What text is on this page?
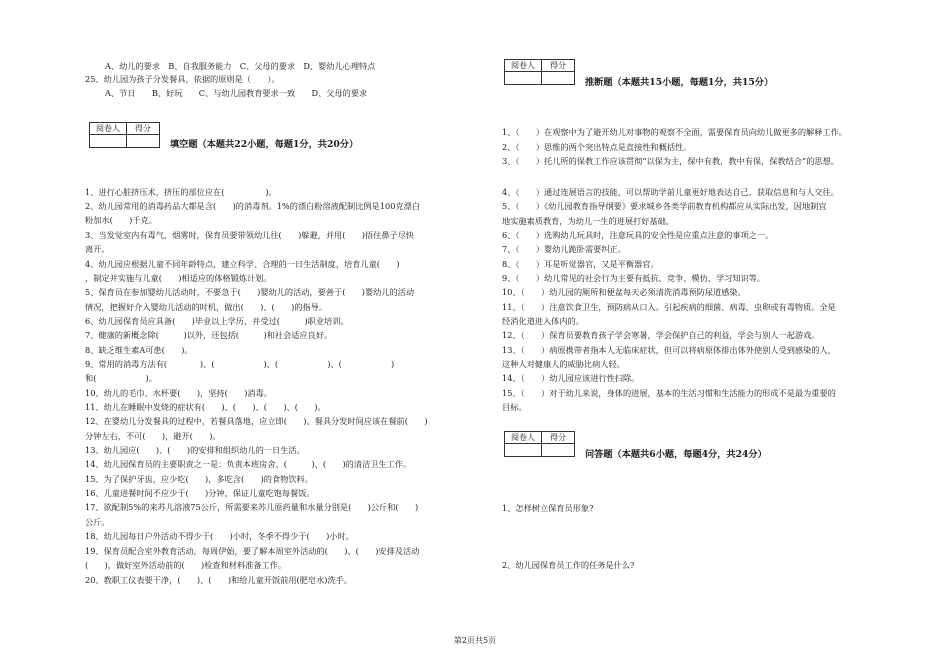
A、幼儿的要求　B、自我服务能力　C、父母的要求　D、婴幼儿心理特点
25、幼儿园为孩子分发餐具，依据的原则是（　　）。
A、节日　　B、好玩　　C、与幼儿园教育要求一致　　D、父母的要求
阅卷人	得分

填空题（本题共22小题，每题1分，共20分）
1、进行心脏挤压术，挤压的部位应在(　　　　　)。
2、幼儿园常用的消毒药品大都是含(　　)的消毒剂。1%的漂白粉溶液配制比例是100克漂白
粉加水(　　)千克。
3、当发觉室内有毒气、烟雾时，保育员要带领幼儿往(　　)躲避，并用(　　)捂住鼻子尽快
离开。
4、幼儿园应根据儿童不同年龄特点，建立科学、合理的一日生活制度，培育儿童(　　)
，制定并实施与儿童(　　)相适应的体格锻炼计划。
5、保育员在参加婴幼儿活动时，不要急于(　　)婴幼儿的活动，要善于(　　)婴幼儿的活动
情况，把握好介入婴幼儿活动的时机，做出(　　)、(　　)的指导。
6、幼儿园保育员应具备(　　)毕业以上学历，并受过(　　　)职业培训。
7、健康的新概念除(　　　)以外，还包括(　　　)和社会适应良好。
8、缺乏维生素A可患(　　)。
9、常用的消毒方法有(　　　　)、(　　　　　　)、(　　　　　　)、(　　　　　　)
和(　　　　　　)。
10、幼儿的毛巾、水杯要(　　)，坚持(　　)消毒。
11、幼儿在睡眠中发烧的症状有(　　)、(　　)、(　　)、(　　)。
12、在婴幼儿分发餐具的过程中，若餐具落地，应立即(　　)。餐具分发时间应该在餐前(　　)
分钟左右，不可(　　)，避开(　　)。
13、幼儿园应(　　)、(　　)的安排和组织幼儿的一日生活。
14、幼儿园保育员的主要职责之一是：负责本班房舍、(　　　)、(　　)的清洁卫生工作。
15、为了保护牙齿，应少吃(　　)，多吃含(　　)的食物饮料。
16、儿童进餐时间不应少于(　　)分钟，保证儿童吃饱每餐饭。
17、欲配制5%的来苏儿溶液75公斤，所需要来苏儿原药量和水量分别是(　　)公斤和(　　)
公斤。
18、幼儿园每日户外活动不得少于(　　)小时，冬季不得少于(　　)小时。
19、保育员配合室外教育活动，每周伊始，要了解本周室外活动的(　　)、(　　)安排及活动
(　　)，做好室外活动前的(　　)检查和材料准备工作。
20、教职工仪表要干净，(　　)、(　　)和给儿童开饭前用(肥皂水)洗手。
阅卷人	得分

推断题（本题共15小题，每题1分，共15分）
1、（　　）在观察中为了避开幼儿对事物的观察不全面，需要保育员向幼儿做更多的解释工作。
2、（　　）思维的两个突出特点是直接性和概括性。
3、（　　）托儿所的保教工作应该贯彻“以保为主，保中有教，教中有保，保教结合”的思想。
4、（　　）通过连展语言的技能，可以帮助学前儿童更好地表达自己，获取信息和与人交往。
5、（　　）《幼儿园教育指导纲要》要求城乡各类学前教育机构都应从实际出发，因地制宜
地实施素质教育，为幼儿一生的进展打好基础。
6、（　　）选购幼儿玩具时，注意玩具的安全性是应重点注意的事项之一。
7、（　　）婴幼儿跪卧需要纠正。
8、（　　）耳是听觉器官，又是平衡器官。
9、（　　）幼儿常见的社会行为主要有抵抗、竞争、模仿、学习知识等。
10、（　　）幼儿园的厕所和便盆每天必须清洗消毒预防尿道感染。
11、（　　）注意饮食卫生，预防病从口入。引起疾病的细菌、病毒、虫卵或有毒物质。全是
经消化道进入体内的。
12、（　　）保育员要教育孩子学会寒暑，学会保护自己的利益，学会与别人一起游戏。
13、（　　）病原携带者指本人无临床症状，但可以将病原体排出体外使别人受到感染的人，
这种人对健康人的威胁比病人轻。
14、（　　）幼儿园应该进行性扫除。
15、（　　）对于幼儿来说，身体的进展，基本的生活习惯和生活能力的形成不是最为重要的
目标。
阅卷人	得分

问答题（本题共6小题，每题4分，共24分）
1、怎样树立保育员形象?
2、幼儿园保育员工作的任务是什么?
第2页共5页
